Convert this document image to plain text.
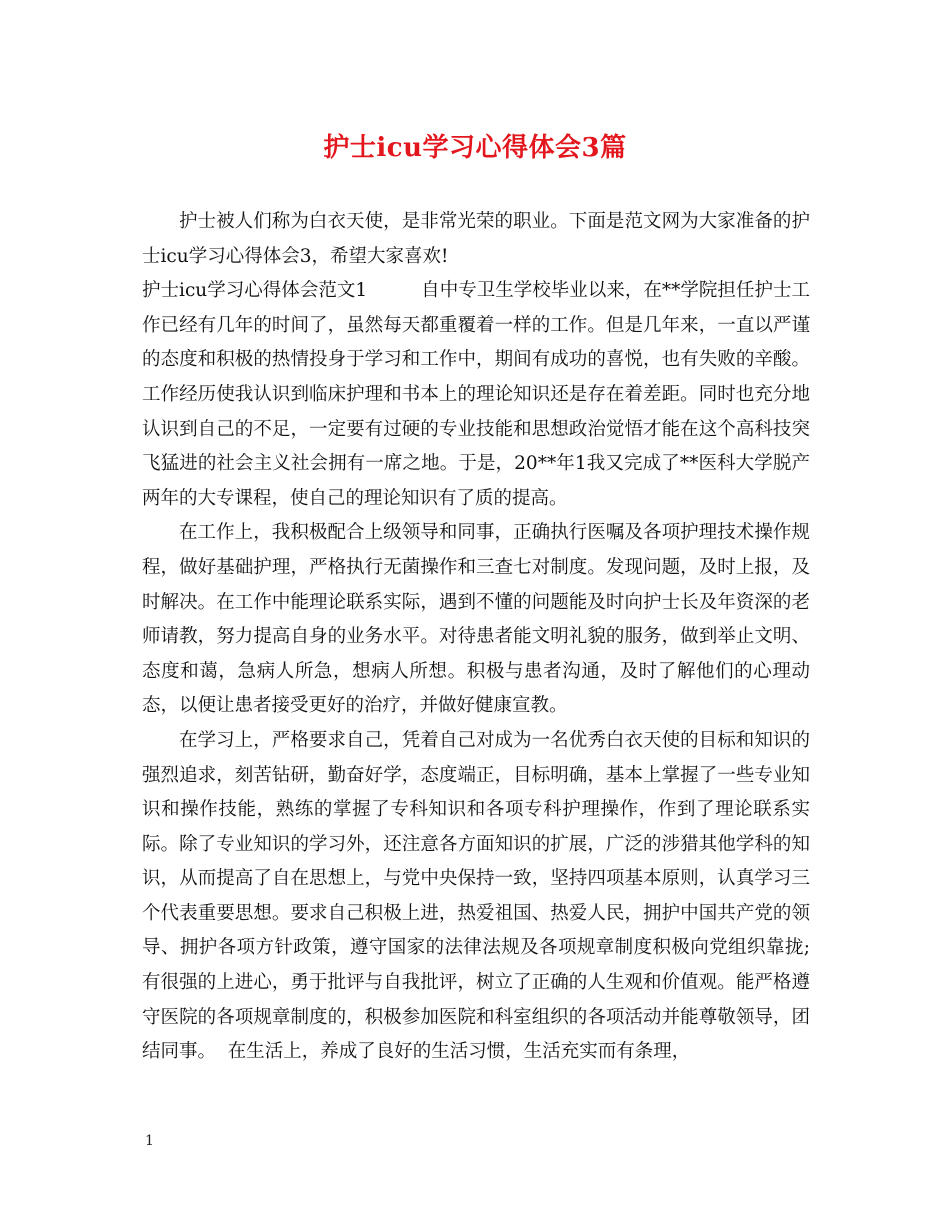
护士icu学习心得体会3篇

护士被人们称为白衣天使，是非常光荣的职业。下面是范文网为大家准备的护士icu学习心得体会3，希望大家喜欢!

护士icu学习心得体会范文1	自中专卫生学校毕业以来，在**学院担任护士工作已经有几年的时间了，虽然每天都重覆着一样的工作。但是几年来，一直以严谨的态度和积极的热情投身于学习和工作中，期间有成功的喜悦，也有失败的辛酸。工作经历使我认识到临床护理和书本上的理论知识还是存在着差距。同时也充分地认识到自己的不足，一定要有过硬的专业技能和思想政治觉悟才能在这个高科技突飞猛进的社会主义社会拥有一席之地。于是，20**年1我又完成了**医科大学脱产两年的大专课程，使自己的理论知识有了质的提高。

在工作上，我积极配合上级领导和同事，正确执行医嘱及各项护理技术操作规程，做好基础护理，严格执行无菌操作和三查七对制度。发现问题，及时上报，及时解决。在工作中能理论联系实际，遇到不懂的问题能及时向护士长及年资深的老师请教，努力提高自身的业务水平。对待患者能文明礼貌的服务，做到举止文明、态度和蔼，急病人所急，想病人所想。积极与患者沟通，及时了解他们的心理动态，以便让患者接受更好的治疗，并做好健康宣教。

在学习上，严格要求自己，凭着自己对成为一名优秀白衣天使的目标和知识的强烈追求，刻苦钻研，勤奋好学，态度端正，目标明确，基本上掌握了一些专业知识和操作技能，熟练的掌握了专科知识和各项专科护理操作，作到了理论联系实际。除了专业知识的学习外，还注意各方面知识的扩展，广泛的涉猎其他学科的知识，从而提高了自在思想上，与党中央保持一致，坚持四项基本原则，认真学习三个代表重要思想。要求自己积极上进，热爱祖国、热爱人民，拥护中国共产党的领导、拥护各项方针政策，遵守国家的法律法规及各项规章制度积极向党组织靠拢;有很强的上进心，勇于批评与自我批评，树立了正确的人生观和价值观。能严格遵守医院的各项规章制度的，积极参加医院和科室组织的各项活动并能尊敬领导，团结同事。 在生活上，养成了良好的生活习惯，生活充实而有条理，

1
